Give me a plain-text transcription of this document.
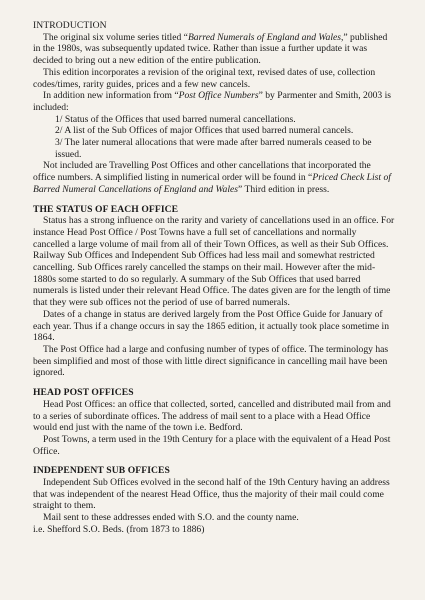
INTRODUCTION

The original six volume series titled “Barred Numerals of England and Wales,” published in the 1980s, was subsequently updated twice. Rather than issue a further update it was decided to bring out a new edition of the entire publication.

This edition incorporates a revision of the original text, revised dates of use, collection codes/times, rarity guides, prices and a few new cancels.

In addition new information from “Post Office Numbers” by Parmenter and Smith, 2003 is included:

1/ Status of the Offices that used barred numeral cancellations.
2/ A list of the Sub Offices of major Offices that used barred numeral cancels.
3/ The later numeral allocations that were made after barred numerals ceased to be issued.

Not included are Travelling Post Offices and other cancellations that incorporated the office numbers. A simplified listing in numerical order will be found in “Priced Check List of Barred Numeral Cancellations of England and Wales” Third edition in press.

THE STATUS OF EACH OFFICE

Status has a strong influence on the rarity and variety of cancellations used in an office. For instance Head Post Office / Post Towns have a full set of cancellations and normally cancelled a large volume of mail from all of their Town Offices, as well as their Sub Offices. Railway Sub Offices and Independent Sub Offices had less mail and somewhat restricted cancelling. Sub Offices rarely cancelled the stamps on their mail. However after the mid-1880s some started to do so regularly. A summary of the Sub Offices that used barred numerals is listed under their relevant Head Office. The dates given are for the length of time that they were sub offices not the period of use of barred numerals.

Dates of a change in status are derived largely from the Post Office Guide for January of each year. Thus if a change occurs in say the 1865 edition, it actually took place sometime in 1864.

The Post Office had a large and confusing number of types of office. The terminology has been simplified and most of those with little direct significance in cancelling mail have been ignored.

HEAD POST OFFICES

Head Post Offices: an office that collected, sorted, cancelled and distributed mail from and to a series of subordinate offices. The address of mail sent to a place with a Head Office would end just with the name of the town i.e. Bedford.

Post Towns, a term used in the 19th Century for a place with the equivalent of a Head Post Office.

INDEPENDENT SUB OFFICES

Independent Sub Offices evolved in the second half of the 19th Century having an address that was independent of the nearest Head Office, thus the majority of their mail could come straight to them.

Mail sent to these addresses ended with S.O. and the county name.

i.e. Shefford S.O. Beds. (from 1873 to 1886)
